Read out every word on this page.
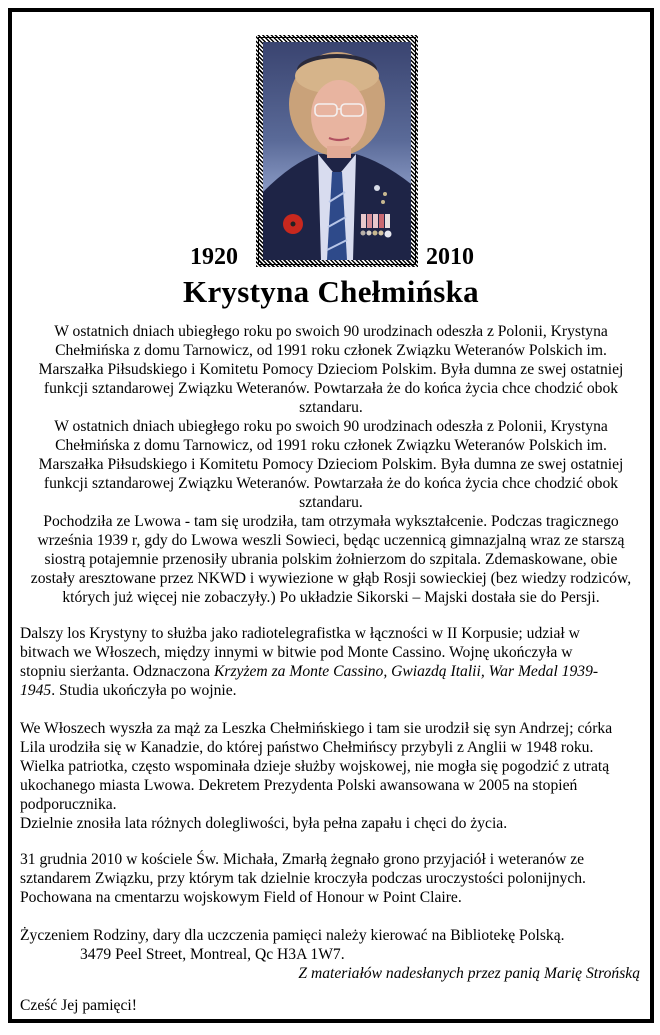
1920	2010
Krystyna Chełmińska
W ostatnich dniach ubiegłego roku po swoich 90 urodzinach odeszła z Polonii, Krystyna
Chełmińska z domu Tarnowicz, od 1991 roku członek Związku Weteranów Polskich im.
Marszałka Piłsudskiego i Komitetu Pomocy Dzieciom Polskim. Była dumna ze swej ostatniej
funkcji sztandarowej Związku Weteranów. Powtarzała że do końca życia chce chodzić obok
sztandaru.
W ostatnich dniach ubiegłego roku po swoich 90 urodzinach odeszła z Polonii, Krystyna
Chełmińska z domu Tarnowicz, od 1991 roku członek Związku Weteranów Polskich im.
Marszałka Piłsudskiego i Komitetu Pomocy Dzieciom Polskim. Była dumna ze swej ostatniej
funkcji sztandarowej Związku Weteranów. Powtarzała że do końca życia chce chodzić obok
sztandaru.
Pochodziła ze Lwowa - tam się urodziła, tam otrzymała wykształcenie. Podczas tragicznego
września 1939 r, gdy do Lwowa weszli Sowieci, będąc uczennicą gimnazjalną wraz ze starszą
siostrą potajemnie przenosiły ubrania polskim żołnierzom do szpitala. Zdemaskowane, obie
zostały aresztowane przez NKWD i wywiezione w głąb Rosji sowieckiej (bez wiedzy rodziców,
których już więcej nie zobaczyły.) Po układzie Sikorski – Majski dostała sie do Persji.
Dalszy los Krystyny to służba jako radiotelegrafistka w łączności w II Korpusie; udział w
bitwach we Włoszech, między innymi w bitwie pod Monte Cassino. Wojnę ukończyła w
stopniu sierżanta. Odznaczona Krzyżem za Monte Cassino, Gwiazdą Italii, War Medal 1939-
1945. Studia ukończyła po wojnie.
We Włoszech wyszła za mąż za Leszka Chełmińskiego i tam sie urodził się syn Andrzej; córka
Lila urodziła się w Kanadzie, do której państwo Chełmińscy przybyli z Anglii w 1948 roku.
Wielka patriotka, często wspominała dzieje służby wojskowej, nie mogła się pogodzić z utratą
ukochanego miasta Lwowa. Dekretem Prezydenta Polski awansowana w 2005 na stopień
podporucznika.
Dzielnie znosiła lata różnych dolegliwości, była pełna zapału i chęci do życia.
31 grudnia 2010 w kościele Św. Michała, Zmarłą żegnało grono przyjaciół i weteranów ze
sztandarem Związku, przy którym tak dzielnie kroczyła podczas uroczystości polonijnych.
Pochowana na cmentarzu wojskowym Field of Honour w Point Claire.
Życzeniem Rodziny, dary dla uczczenia pamięci należy kierować na Bibliotekę Polską.
3479 Peel Street, Montreal, Qc H3A 1W7.
Z materiałów nadesłanych przez panią Marię Strońską
Cześć Jej pamięci!
